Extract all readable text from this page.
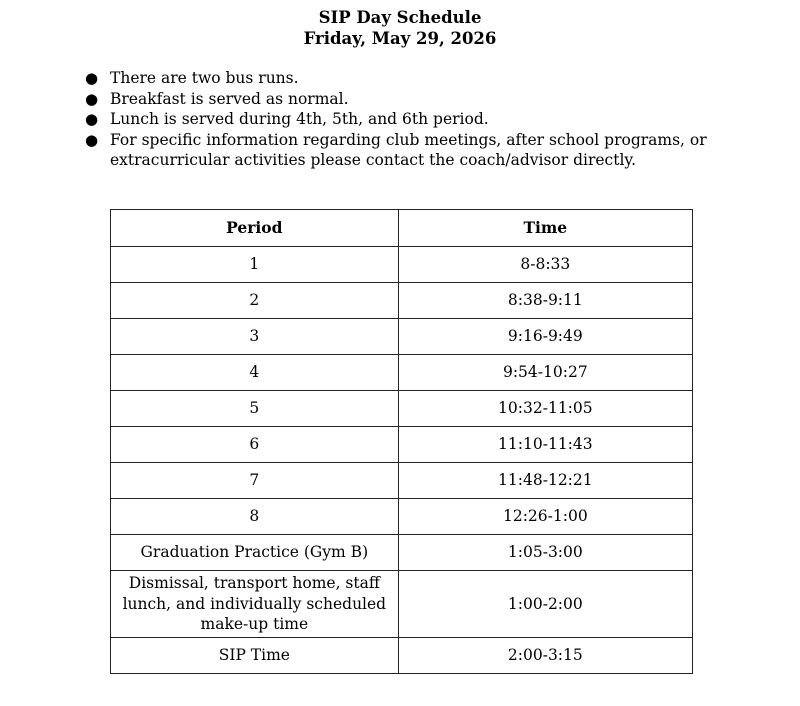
SIP Day Schedule
Friday, May 29, 2026
● There are two bus runs.
● Breakfast is served as normal.
● Lunch is served during 4th, 5th, and 6th period.
● For specific information regarding club meetings, after school programs, or extracurricular activities please contact the coach/advisor directly.
Period	Time
1	8-8:33
2	8:38-9:11
3	9:16-9:49
4	9:54-10:27
5	10:32-11:05
6	11:10-11:43
7	11:48-12:21
8	12:26-1:00
Graduation Practice (Gym B)	1:05-3:00
Dismissal, transport home, staff lunch, and individually scheduled make-up time	1:00-2:00
SIP Time	2:00-3:15
